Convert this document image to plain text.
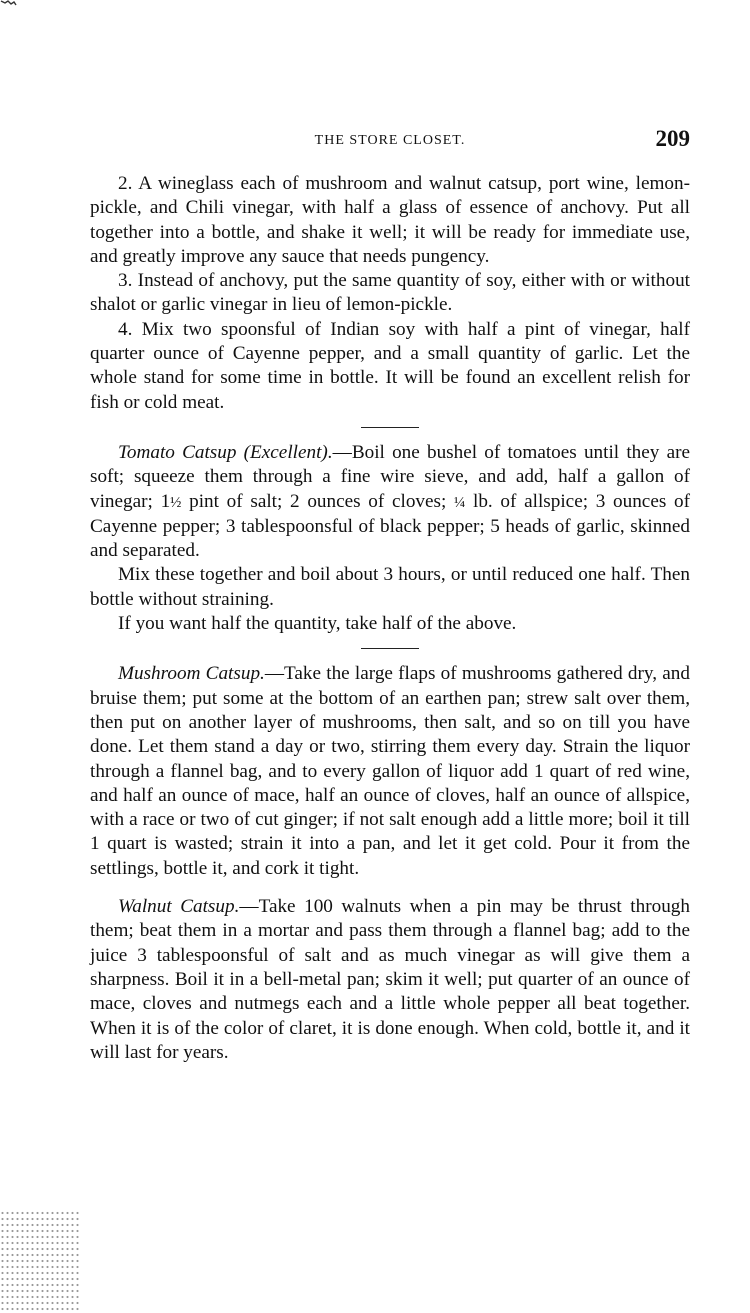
THE STORE CLOSET.	209

2. A wineglass each of mushroom and walnut catsup, port wine, lemon-pickle, and Chili vinegar, with half a glass of essence of anchovy. Put all together into a bottle, and shake it well; it will be ready for immediate use, and greatly improve any sauce that needs pungency.

3. Instead of anchovy, put the same quantity of soy, either with or without shalot or garlic vinegar in lieu of lemon-pickle.

4. Mix two spoonsful of Indian soy with half a pint of vinegar, half quarter ounce of Cayenne pepper, and a small quantity of garlic. Let the whole stand for some time in bottle. It will be found an excellent relish for fish or cold meat.

Tomato Catsup (Excellent).—Boil one bushel of tomatoes until they are soft; squeeze them through a fine wire sieve, and add, half a gallon of vinegar; 1½ pint of salt; 2 ounces of cloves; ¼ lb. of allspice; 3 ounces of Cayenne pepper; 3 tablespoonsful of black pepper; 5 heads of garlic, skinned and separated.

Mix these together and boil about 3 hours, or until reduced one half. Then bottle without straining.

If you want half the quantity, take half of the above.

Mushroom Catsup.—Take the large flaps of mushrooms gathered dry, and bruise them; put some at the bottom of an earthen pan; strew salt over them, then put on another layer of mushrooms, then salt, and so on till you have done. Let them stand a day or two, stirring them every day. Strain the liquor through a flannel bag, and to every gallon of liquor add 1 quart of red wine, and half an ounce of mace, half an ounce of cloves, half an ounce of allspice, with a race or two of cut ginger; if not salt enough add a little more; boil it till 1 quart is wasted; strain it into a pan, and let it get cold. Pour it from the settlings, bottle it, and cork it tight.

Walnut Catsup.—Take 100 walnuts when a pin may be thrust through them; beat them in a mortar and pass them through a flannel bag; add to the juice 3 tablespoonsful of salt and as much vinegar as will give them a sharpness. Boil it in a bell-metal pan; skim it well; put quarter of an ounce of mace, cloves and nutmegs each and a little whole pepper all beat together. When it is of the color of claret, it is done enough. When cold, bottle it, and it will last for years.
